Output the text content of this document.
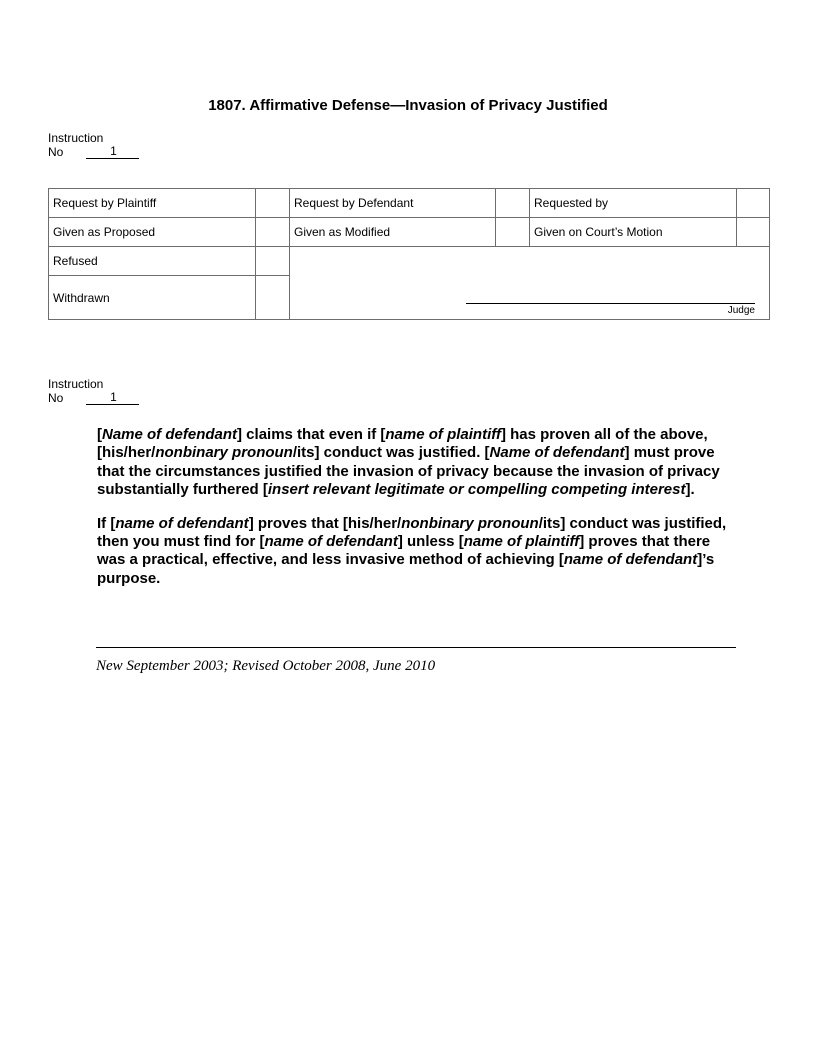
1807. Affirmative Defense—Invasion of Privacy Justified
Instruction
No	1
Request by Plaintiff		Request by Defendant		Requested by	
Given as Proposed		Given as Modified		Given on Court’s Motion	
Refused		Judge			

Withdrawn					
Instruction
No	1

[Name of defendant] claims that even if [name of plaintiff] has proven all of the above, [his/her/nonbinary pronoun/its] conduct was justified. [Name of defendant] must prove that the circumstances justified the invasion of privacy because the invasion of privacy substantially furthered [insert relevant legitimate or compelling competing interest].

If [name of defendant] proves that [his/her/nonbinary pronoun/its] conduct was justified, then you must find for [name of defendant] unless [name of plaintiff] proves that there was a practical, effective, and less invasive method of achieving [name of defendant]’s purpose.

New September 2003; Revised October 2008, June 2010
